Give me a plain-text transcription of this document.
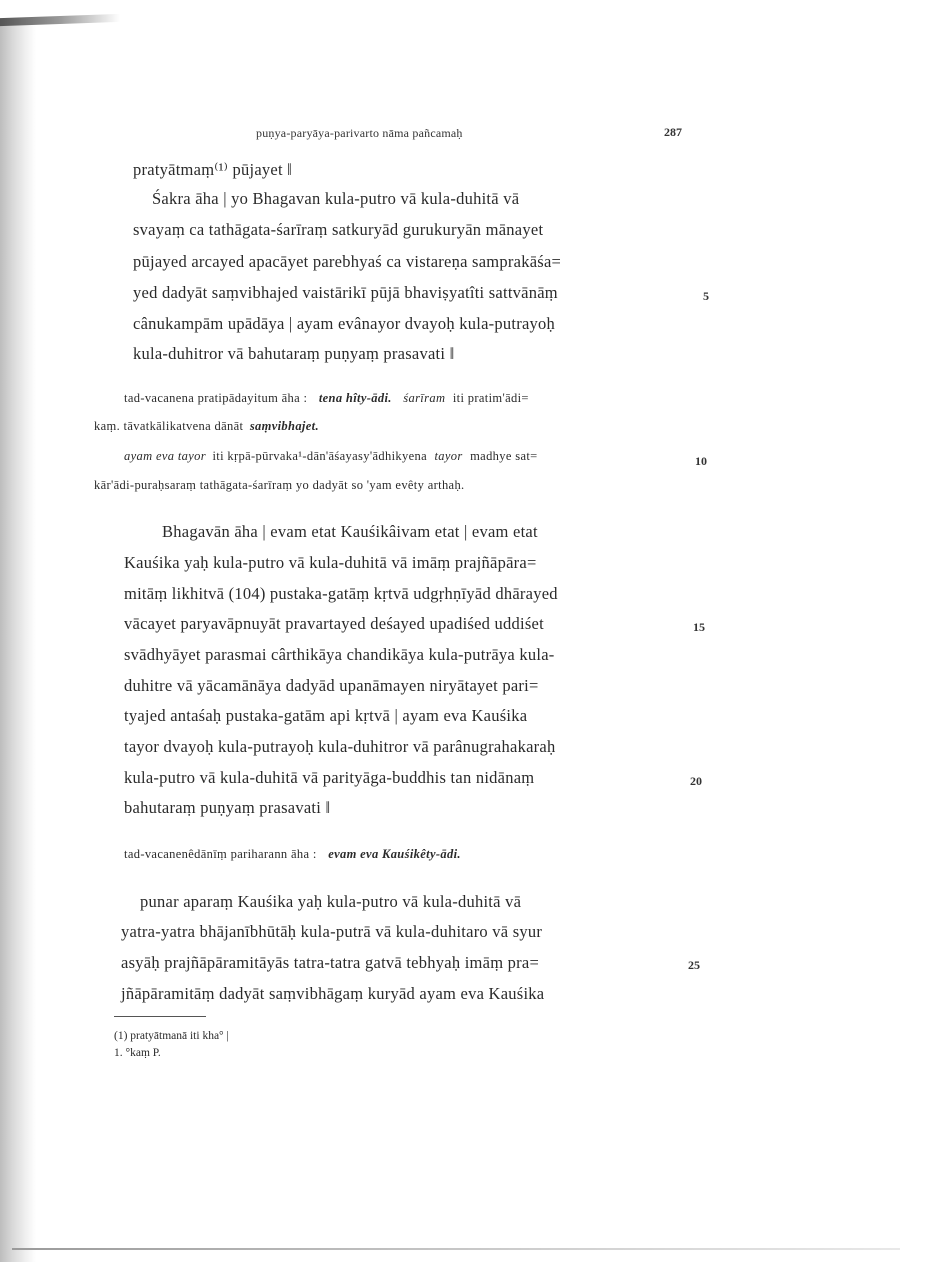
puṇya-paryāya-parivarto nāma pañcamaḥ	287
pratyātmaṃ⁽¹⁾ pūjayet ‖
Śakra āha | yo Bhagavan kula-putro vā kula-duhitā vā
svayaṃ ca tathāgata-śarīraṃ satkuryād gurukuryān mānayet
pūjayed arcayed apacāyet parebhyaś ca vistareṇa samprakāśa=
yed dadyāt saṃvibhajed vaistārikī pūjā bhaviṣyatîti sattvānāṃ
cânukampām upādāya | ayam evânayor dvayoḥ kula-putrayoḥ
kula-duhitror vā bahutaraṃ puṇyaṃ prasavati ‖
tad-vacanena pratipādayitum āha : tena hîty-ādi. śarīram iti pratim'ādi=
kaṃ. tāvatkālikatvena dānāt saṃvibhajet.
ayam eva tayor iti kṛpā-pūrvaka¹-dān'āśayasy'ādhikyena tayor madhye sat=
kār'ādi-puraḥsaraṃ tathāgata-śarīraṃ yo dadyāt so 'yam evêty arthaḥ.
Bhagavān āha | evam etat Kauśikâivam etat | evam etat
Kauśika yaḥ kula-putro vā kula-duhitā vā imāṃ prajñāpāra=
mitāṃ likhitvā (104) pustaka-gatāṃ kṛtvā udgṛhṇīyād dhārayed
vācayet paryavāpnuyāt pravartayed deśayed upadiśed uddiśet
svādhyāyet parasmai cârthikāya chandikāya kula-putrāya kula-
duhitre vā yācamānāya dadyād upanāmayen niryātayet pari=
tyajed antaśaḥ pustaka-gatām api kṛtvā | ayam eva Kauśika
tayor dvayoḥ kula-putrayoḥ kula-duhitror vā parânugrahakaraḥ
kula-putro vā kula-duhitā vā parityāga-buddhis tan nidānaṃ
bahutaraṃ puṇyaṃ prasavati ‖
tad-vacanenêdānīṃ pariharann āha : evam eva Kauśikêty-ādi.
punar aparaṃ Kauśika yaḥ kula-putro vā kula-duhitā vā
yatra-yatra bhājanībhūtāḥ kula-putrā vā kula-duhitaro vā syur
asyāḥ prajñāpāramitāyās tatra-tatra gatvā tebhyaḥ imāṃ pra=
jñāpāramitāṃ dadyāt saṃvibhāgaṃ kuryād ayam eva Kauśika
5
10
15
20
25
(1) pratyātmanā iti kha° |
1. °kaṃ P.
